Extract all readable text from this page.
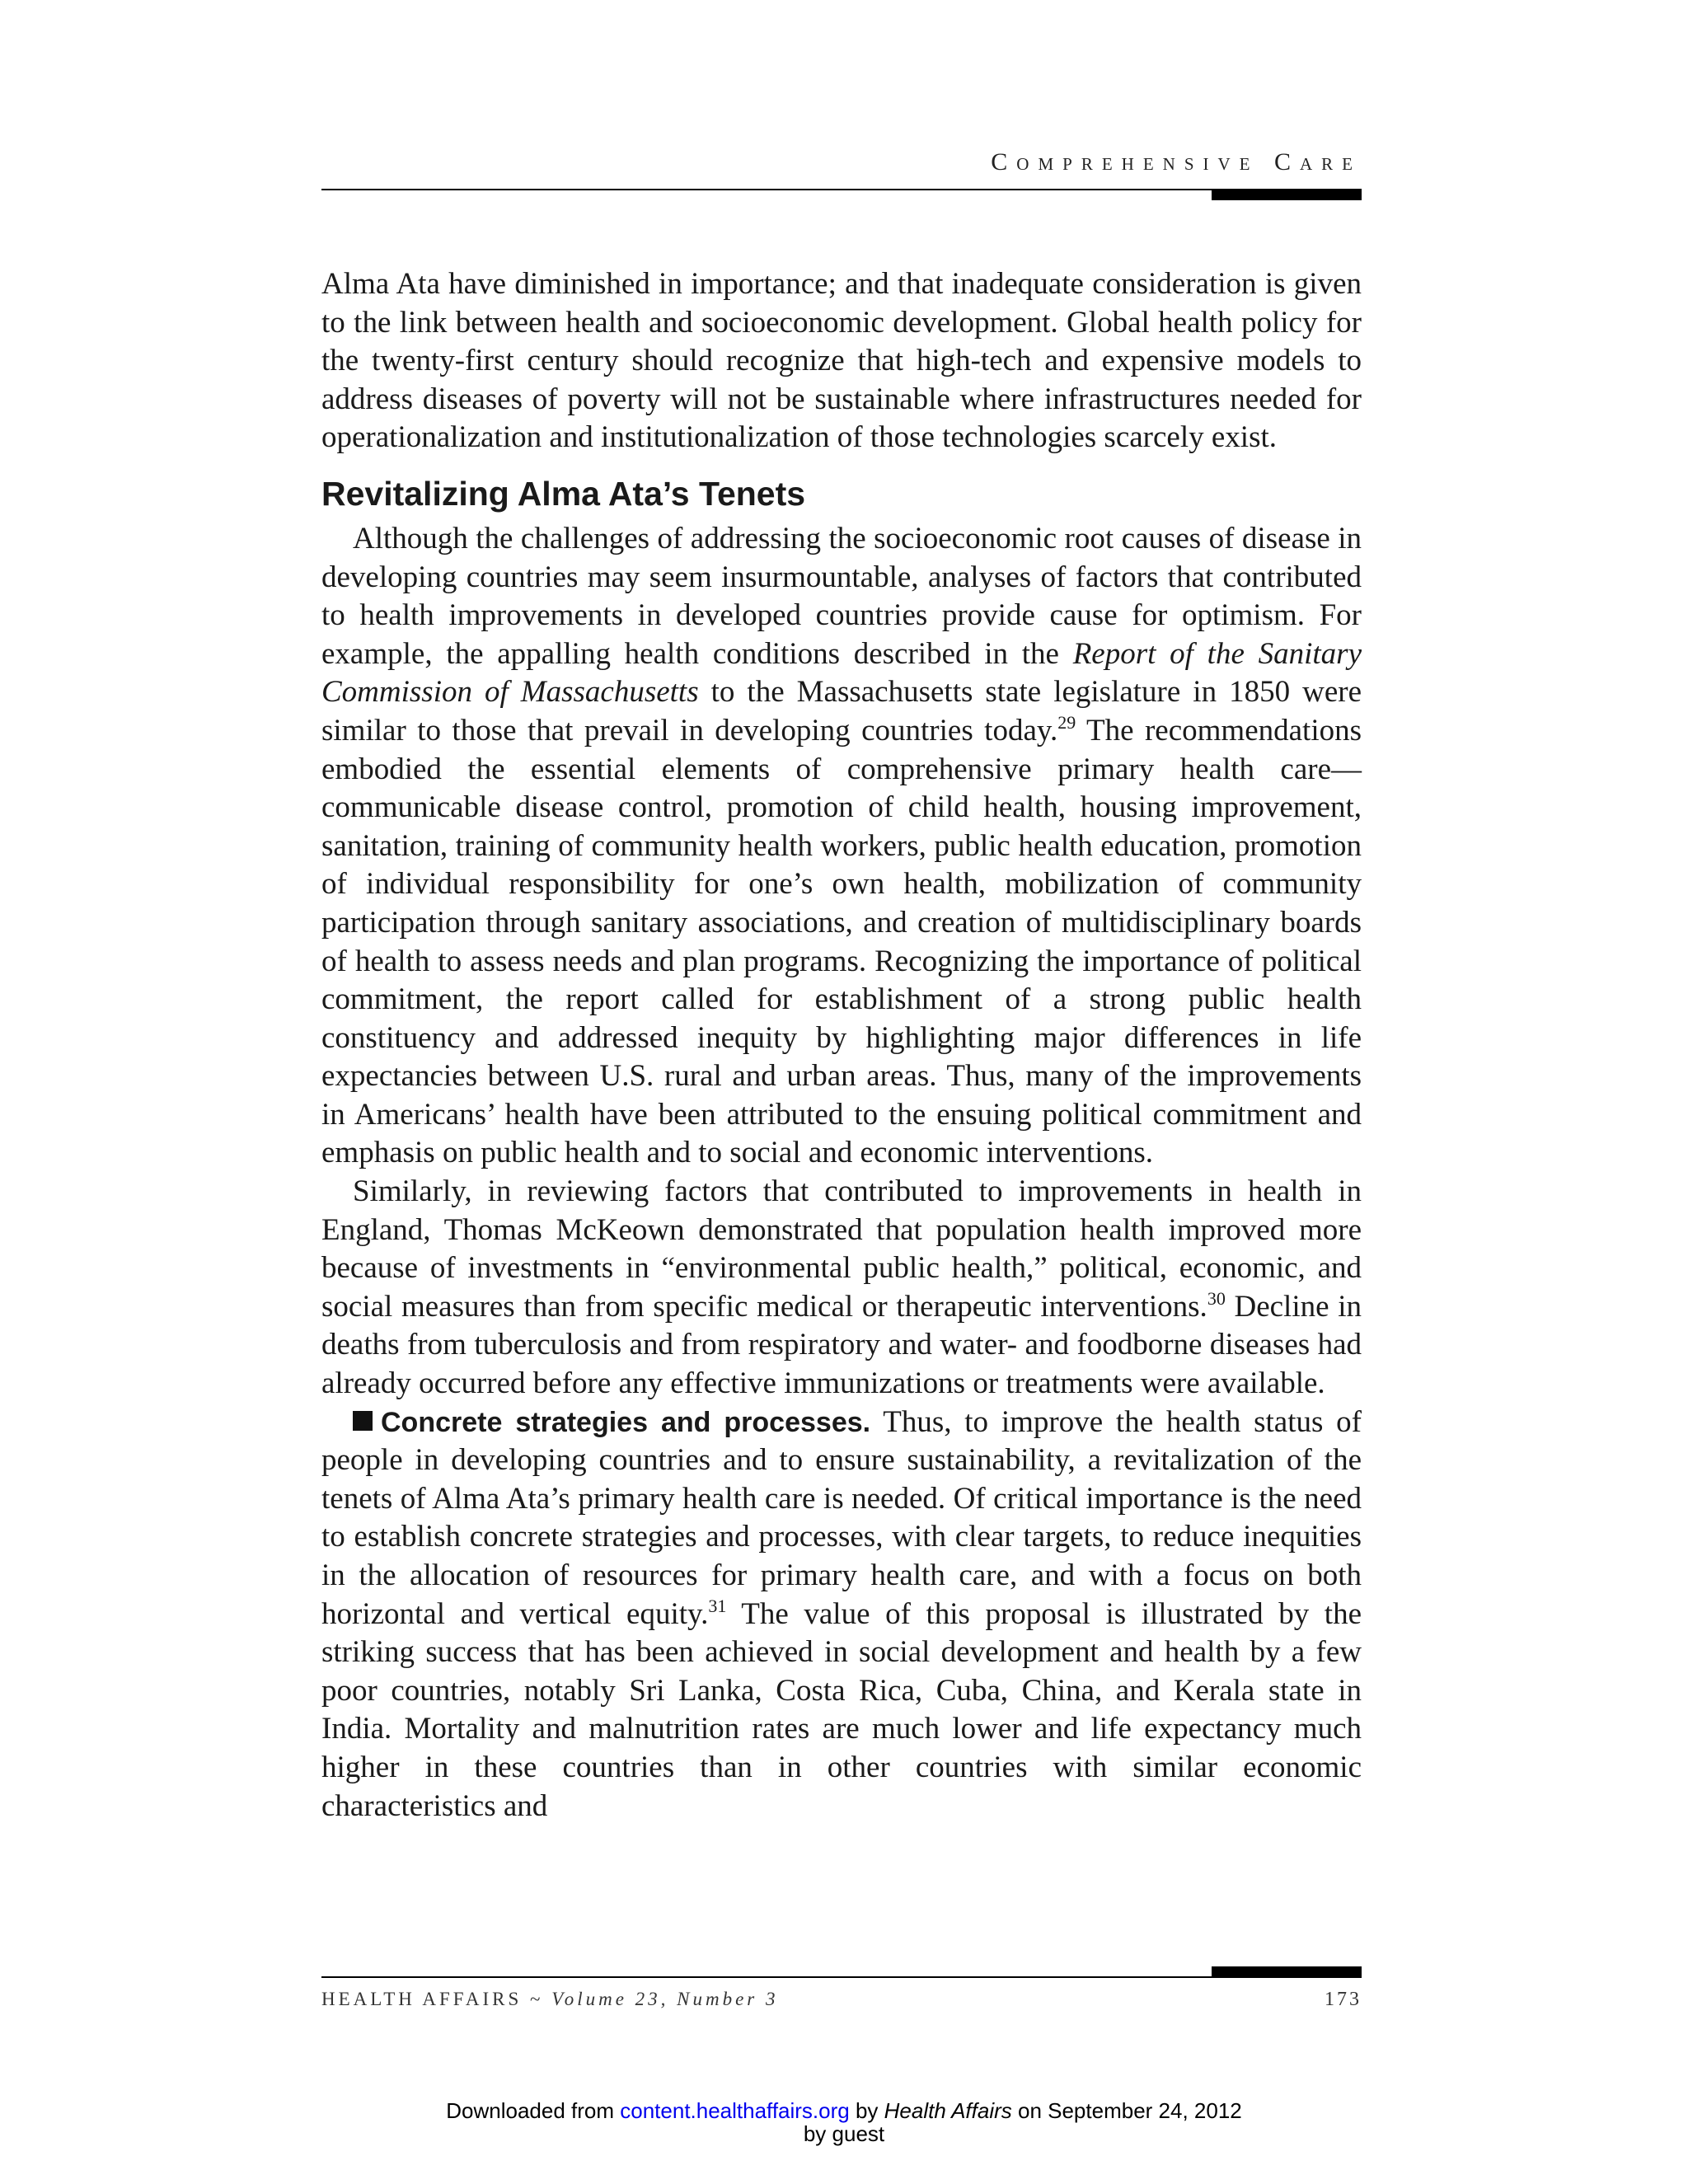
Comprehensive Care

Alma Ata have diminished in importance; and that inadequate consideration is given to the link between health and socioeconomic development. Global health policy for the twenty-first century should recognize that high-tech and expensive models to address diseases of poverty will not be sustainable where infrastructures needed for operationalization and institutionalization of those technologies scarcely exist.

Revitalizing Alma Ata’s Tenets

Although the challenges of addressing the socioeconomic root causes of disease in developing countries may seem insurmountable, analyses of factors that contributed to health improvements in developed countries provide cause for optimism. For example, the appalling health conditions described in the Report of the Sanitary Commission of Massachusetts to the Massachusetts state legislature in 1850 were similar to those that prevail in developing countries today.$^{29}$ The recommendations embodied the essential elements of comprehensive primary health care—communicable disease control, promotion of child health, housing improvement, sanitation, training of community health workers, public health education, promotion of individual responsibility for one’s own health, mobilization of community participation through sanitary associations, and creation of multidisciplinary boards of health to assess needs and plan programs. Recognizing the importance of political commitment, the report called for establishment of a strong public health constituency and addressed inequity by highlighting major differences in life expectancies between U.S. rural and urban areas. Thus, many of the improvements in Americans’ health have been attributed to the ensuing political commitment and emphasis on public health and to social and economic interventions.

Similarly, in reviewing factors that contributed to improvements in health in England, Thomas McKeown demonstrated that population health improved more because of investments in “environmental public health,” political, economic, and social measures than from specific medical or therapeutic interventions.$^{30}$ Decline in deaths from tuberculosis and from respiratory and water- and foodborne diseases had already occurred before any effective immunizations or treatments were available.

Concrete strategies and processes. Thus, to improve the health status of people in developing countries and to ensure sustainability, a revitalization of the tenets of Alma Ata’s primary health care is needed. Of critical importance is the need to establish concrete strategies and processes, with clear targets, to reduce inequities in the allocation of resources for primary health care, and with a focus on both horizontal and vertical equity.$^{31}$ The value of this proposal is illustrated by the striking success that has been achieved in social development and health by a few poor countries, notably Sri Lanka, Costa Rica, Cuba, China, and Kerala state in India. Mortality and malnutrition rates are much lower and life expectancy much higher in these countries than in other countries with similar economic characteristics and

HEALTH AFFAIRS ~ Volume 23, Number 3	173
Downloaded from content.healthaffairs.org by Health Affairs on September 24, 2012
by guest
